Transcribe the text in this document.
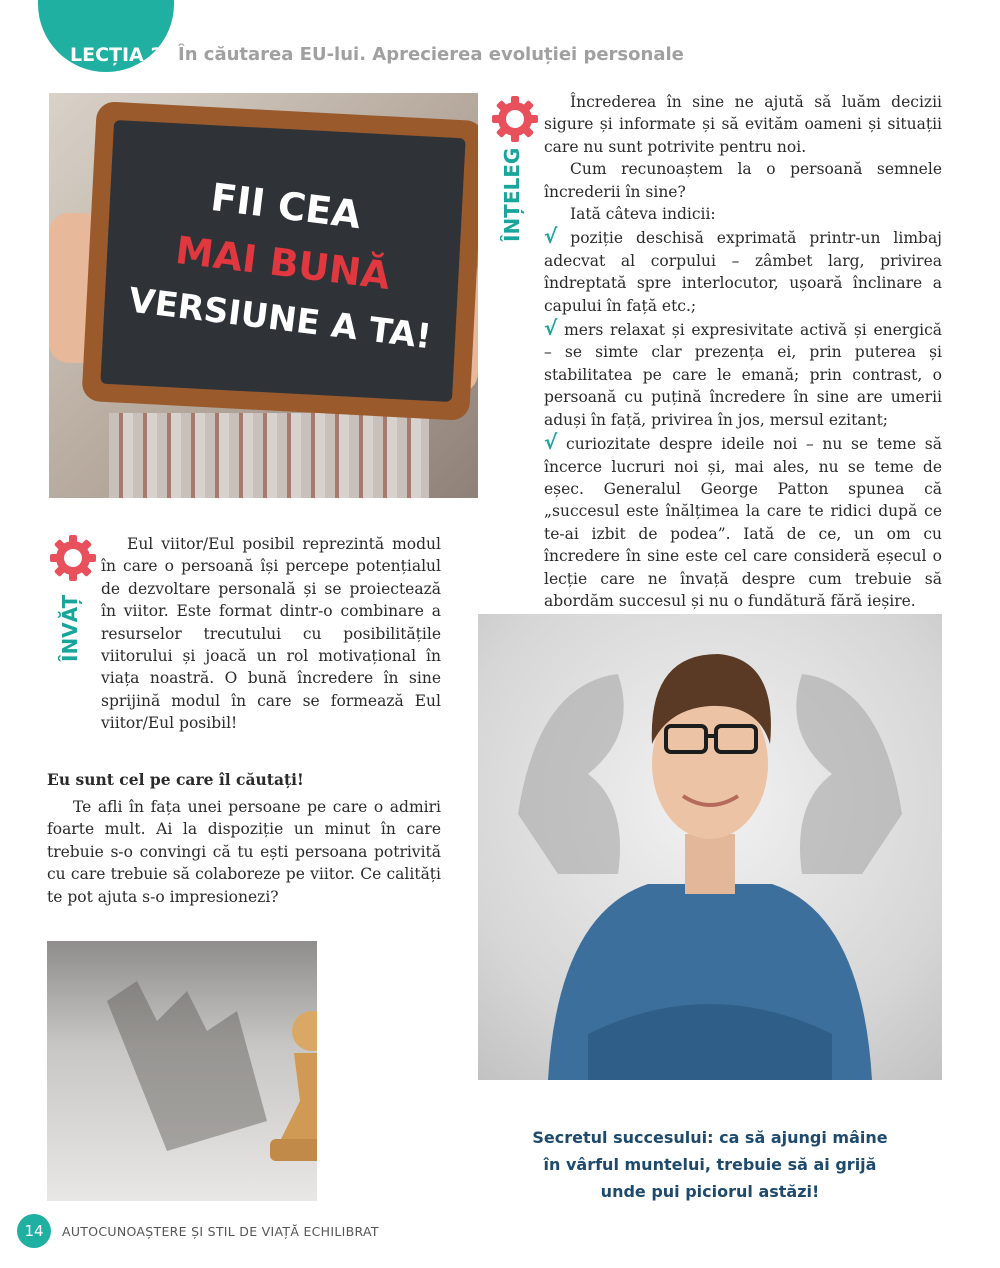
LECȚIA 2 În căutarea EU-lui. Aprecierea evoluției personale
FII CEA
MAI BUNĂ
VERSIUNE A TA!
ÎNȚELEG

Încrederea în sine ne ajută să luăm decizii sigure și informate și să evităm oameni și situații care nu sunt potrivite pentru noi.

Cum recunoaștem la o persoană semnele încrederii în sine?

Iată câteva indicii:

√ poziție deschisă exprimată printr-un limbaj adecvat al corpului – zâmbet larg, privirea îndreptată spre interlocutor, ușoară înclinare a capului în față etc.;

√ mers relaxat și expresivitate activă și energică – se simte clar prezența ei, prin puterea și stabilitatea pe care le emană; prin contrast, o persoană cu puțină încredere în sine are umerii aduși în față, privirea în jos, mersul ezitant;

√ curiozitate despre ideile noi – nu se teme să încerce lucruri noi și, mai ales, nu se teme de eșec. Generalul George Patton spunea că „succesul este înălțimea la care te ridici după ce te-ai izbit de podea”. Iată de ce, un om cu încredere în sine este cel care consideră eșecul o lecție care ne învață despre cum trebuie să abordăm succesul și nu o fundătură fără ieșire.

ÎNVĂȚ

Eul viitor/Eul posibil reprezintă modul în care o persoană își percepe potențialul de dezvoltare personală și se proiectează în viitor. Este format dintr-o combinare a resurselor trecutului cu posibilitățile viitorului și joacă un rol motivațional în viața noastră. O bună încredere în sine sprijină modul în care se formează Eul viitor/Eul posibil!

Eu sunt cel pe care îl căutați!

Te afli în fața unei persoane pe care o admiri foarte mult. Ai la dispoziție un minut în care trebuie s-o convingi că tu ești persoana potrivită cu care trebuie să colaboreze pe viitor. Ce calități te pot ajuta s-o impresionezi?

Secretul succesului: ca să ajungi mâine
în vârful muntelui, trebuie să ai grijă
unde pui piciorul astăzi!
14	AUTOCUNOAȘTERE ȘI STIL DE VIAȚĂ ECHILIBRAT
